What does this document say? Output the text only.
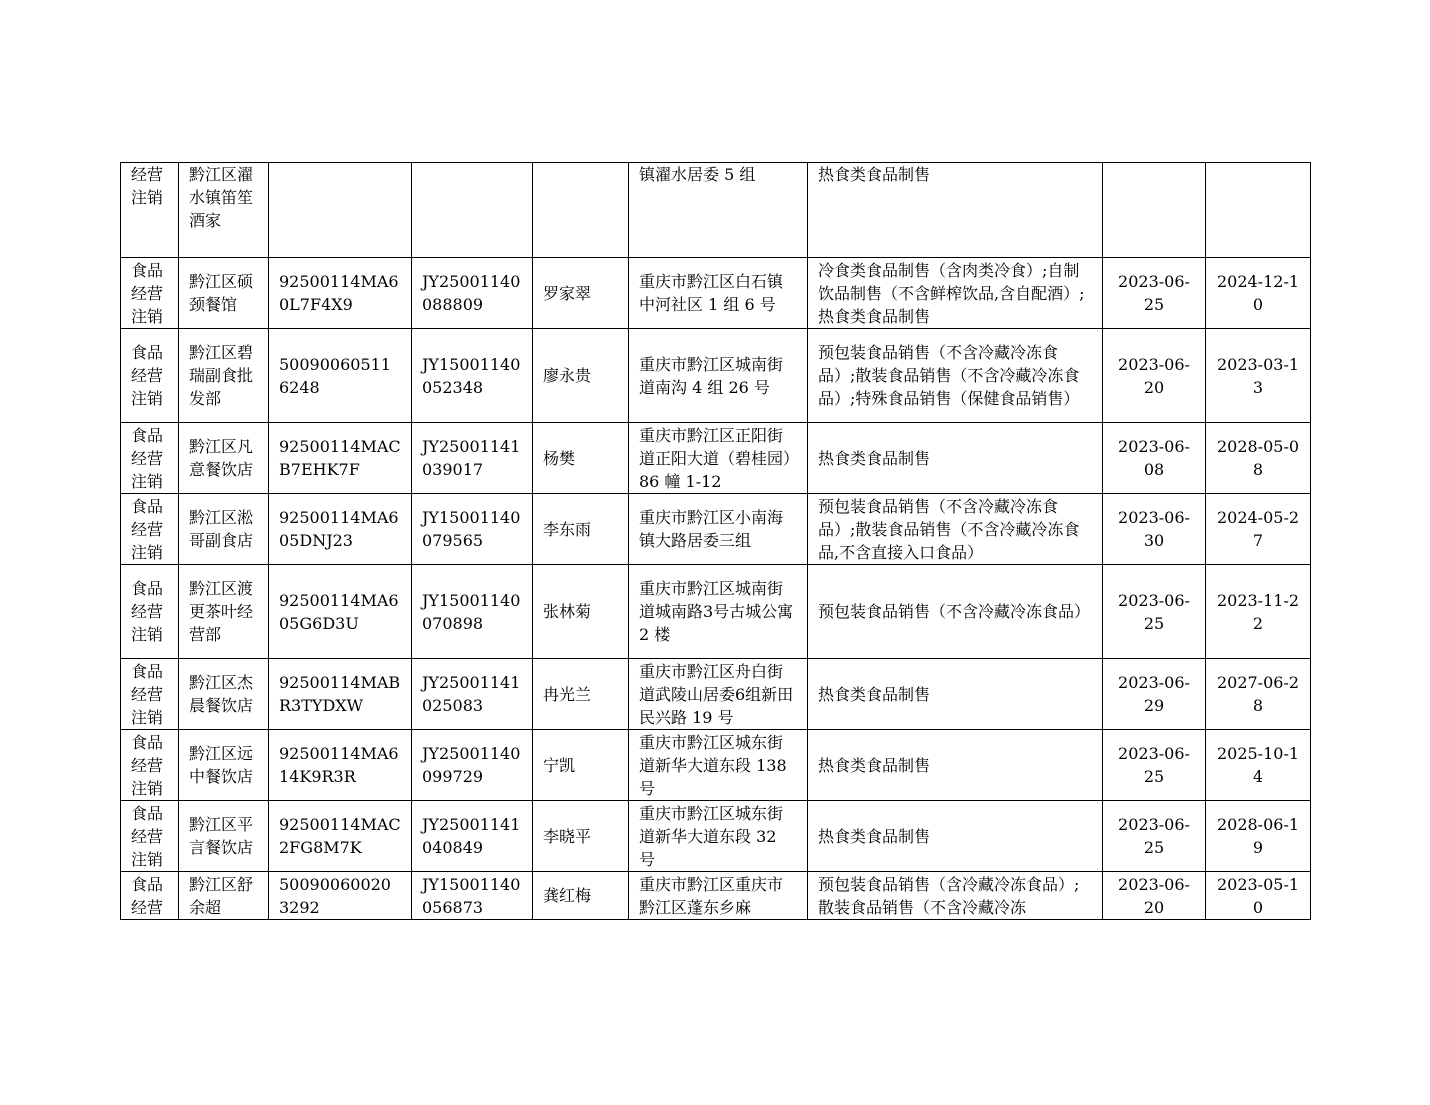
经营注销	黔江区濯水镇笛笙酒家				镇濯水居委 5 组	热食类食品制售		
食品经营注销	黔江区硕颈餐馆	92500114MA60L7F4X9	JY25001140088809	罗家翠	重庆市黔江区白石镇中河社区 1 组 6 号	冷食类食品制售（含肉类冷食）;自制饮品制售（不含鲜榨饮品,含自配酒）;热食类食品制售	2023-06-25	2024-12-10
食品经营注销	黔江区碧瑞副食批发部	500900605116248	JY15001140052348	廖永贵	重庆市黔江区城南街道南沟 4 组 26 号	预包装食品销售（不含冷藏冷冻食品）;散装食品销售（不含冷藏冷冻食品）;特殊食品销售（保健食品销售）	2023-06-20	2023-03-13
食品经营注销	黔江区凡意餐饮店	92500114MACB7EHK7F	JY25001141039017	杨樊	重庆市黔江区正阳街道正阳大道（碧桂园）86 幢 1-12	热食类食品制售	2023-06-08	2028-05-08
食品经营注销	黔江区淞哥副食店	92500114MA605DNJ23	JY15001140079565	李东雨	重庆市黔江区小南海镇大路居委三组	预包装食品销售（不含冷藏冷冻食品）;散装食品销售（不含冷藏冷冻食品,不含直接入口食品）	2023-06-30	2024-05-27
食品经营注销	黔江区渡更茶叶经营部	92500114MA605G6D3U	JY15001140070898	张林菊	重庆市黔江区城南街道城南路3号古城公寓 2 楼	预包装食品销售（不含冷藏冷冻食品）	2023-06-25	2023-11-22
食品经营注销	黔江区杰晨餐饮店	92500114MABR3TYDXW	JY25001141025083	冉光兰	重庆市黔江区舟白街道武陵山居委6组新田民兴路 19 号	热食类食品制售	2023-06-29	2027-06-28
食品经营注销	黔江区远中餐饮店	92500114MA614K9R3R	JY25001140099729	宁凯	重庆市黔江区城东街道新华大道东段 138 号	热食类食品制售	2023-06-25	2025-10-14
食品经营注销	黔江区平言餐饮店	92500114MAC2FG8M7K	JY25001141040849	李晓平	重庆市黔江区城东街道新华大道东段 32 号	热食类食品制售	2023-06-25	2028-06-19
食品经营	黔江区舒余超	500900600203292	JY15001140056873	龚红梅	重庆市黔江区重庆市黔江区蓬东乡麻	预包装食品销售（含冷藏冷冻食品）;散装食品销售（不含冷藏冷冻	2023-06-20	2023-05-10
